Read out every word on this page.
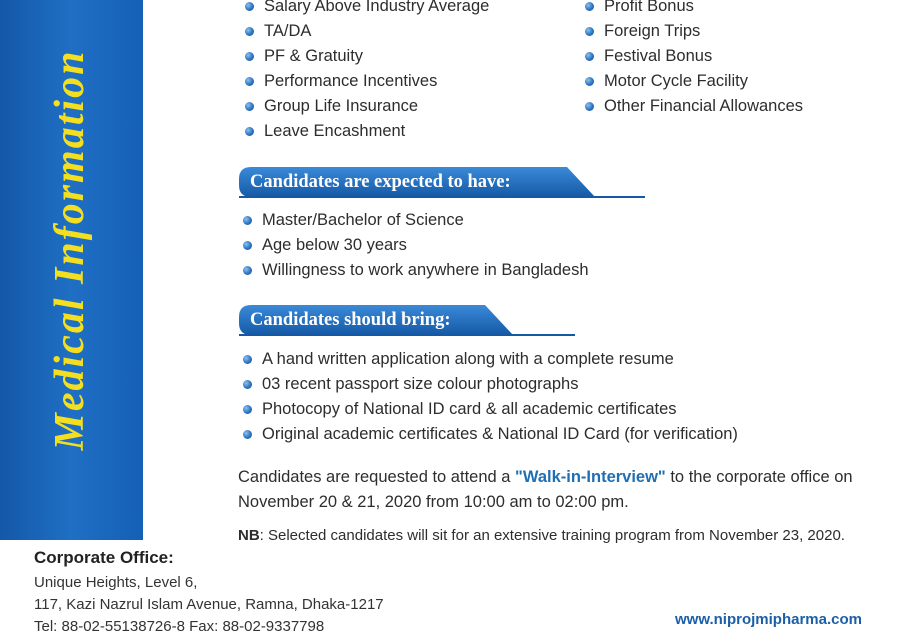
Medical Information
Salary Above Industry Average
TA/DA
PF & Gratuity
Performance Incentives
Group Life Insurance
Leave Encashment
Profit Bonus
Foreign Trips
Festival Bonus
Motor Cycle Facility
Other Financial Allowances
Candidates are expected to have:
Master/Bachelor of Science
Age below 30 years
Willingness to work anywhere in Bangladesh
Candidates should bring:
A hand written application along with a complete resume
03 recent passport size colour photographs
Photocopy of National ID card & all academic certificates
Original academic certificates & National ID Card (for verification)
Candidates are requested to attend a "Walk-in-Interview" to the corporate office on
November 20 & 21, 2020 from 10:00 am to 02:00 pm.
NB: Selected candidates will sit for an extensive training program from November 23, 2020.
Corporate Office:
Unique Heights, Level 6,
117, Kazi Nazrul Islam Avenue, Ramna, Dhaka-1217
Tel: 88-02-55138726-8 Fax: 88-02-9337798	www.niprojmipharma.com
